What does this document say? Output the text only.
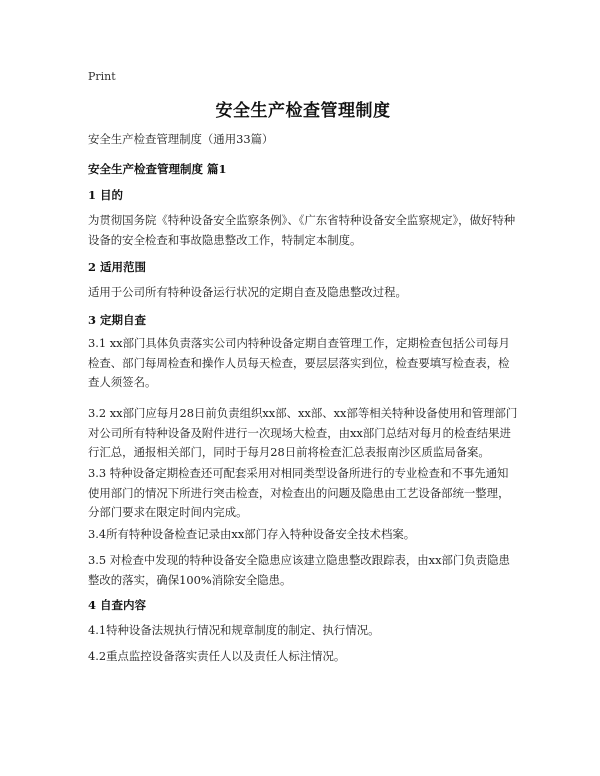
Print
安全生产检查管理制度
安全生产检查管理制度（通用33篇）
安全生产检查管理制度 篇1
1 目的
为贯彻国务院《特种设备安全监察条例》、《广东省特种设备安全监察规定》，做好特种设备的安全检查和事故隐患整改工作，特制定本制度。
2 适用范围
适用于公司所有特种设备运行状况的定期自查及隐患整改过程。
3 定期自查
3.1 xx部门具体负责落实公司内特种设备定期自查管理工作，定期检查包括公司每月检查、部门每周检查和操作人员每天检查，要层层落实到位，检查要填写检查表，检查人须签名。
3.2 xx部门应每月28日前负责组织xx部、xx部、xx部等相关特种设备使用和管理部门对公司所有特种设备及附件进行一次现场大检查，由xx部门总结对每月的检查结果进行汇总，通报相关部门，同时于每月28日前将检查汇总表报南沙区质监局备案。
3.3 特种设备定期检查还可配套采用对相同类型设备所进行的专业检查和不事先通知使用部门的情况下所进行突击检查，对检查出的问题及隐患由工艺设备部统一整理，分部门要求在限定时间内完成。
3.4所有特种设备检查记录由xx部门存入特种设备安全技术档案。
3.5 对检查中发现的特种设备安全隐患应该建立隐患整改跟踪表，由xx部门负责隐患整改的落实，确保100%消除安全隐患。
4 自查内容
4.1特种设备法规执行情况和规章制度的制定、执行情况。
4.2重点监控设备落实责任人以及责任人标注情况。
